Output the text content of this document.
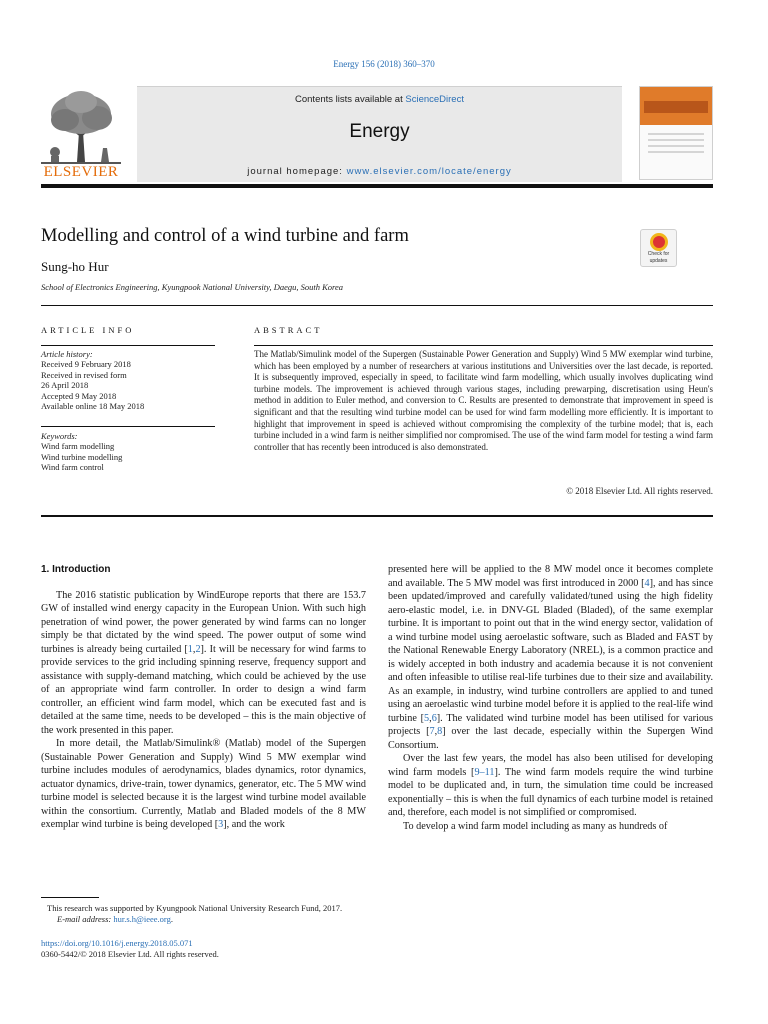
Energy 156 (2018) 360–370
ELSEVIER
Contents lists available at ScienceDirect
Energy
journal homepage: www.elsevier.com/locate/energy
Modelling and control of a wind turbine and farm
Check for
updates
Sung-ho Hur
School of Electronics Engineering, Kyungpook National University, Daegu, South Korea
ARTICLE INFO	ABSTRACT
Article history:
Received 9 February 2018
Received in revised form
26 April 2018
Accepted 9 May 2018
Available online 18 May 2018
Keywords:
Wind farm modelling
Wind turbine modelling
Wind farm control
The Matlab/Simulink model of the Supergen (Sustainable Power Generation and Supply) Wind 5 MW exemplar wind turbine, which has been employed by a number of researchers at various institutions and Universities over the last decade, is reported. It is subsequently improved, especially in speed, to facilitate wind farm modelling, which usually involves duplicating wind turbine models. The improvement is achieved through various stages, including prewarping, discretisation using Heun's method in addition to Euler method, and conversion to C. Results are presented to demonstrate that improvement in speed is significant and that the resulting wind turbine model can be used for wind farm modelling more efficiently. It is important to highlight that improvement in speed is achieved without compromising the complexity of the turbine model; that is, each turbine included in a wind farm is neither simplified nor compromised. The use of the wind farm model for testing a wind farm controller that has recently been introduced is also demonstrated.
© 2018 Elsevier Ltd. All rights reserved.
1. Introduction

The 2016 statistic publication by WindEurope reports that there are 153.7 GW of installed wind energy capacity in the European Union. With such high penetration of wind power, the power generated by wind farms can no longer simply be that dictated by the wind speed. The power output of some wind turbines is already being curtailed [1,2]. It will be necessary for wind farms to provide services to the grid including spinning reserve, frequency support and assistance with supply-demand matching, which could be achieved by the use of an appropriate wind farm controller. In order to design a wind farm controller, an efficient wind farm model, which can be executed fast and is detailed at the same time, needs to be developed – this is the main objective of the work presented in this paper.

In more detail, the Matlab/Simulink® (Matlab) model of the Supergen (Sustainable Power Generation and Supply) Wind 5 MW exemplar wind turbine includes modules of aerodynamics, blades dynamics, rotor dynamics, actuator dynamics, drive-train, tower dynamics, generator, etc. The 5 MW wind turbine model is selected because it is the largest wind turbine model available within the consortium. Currently, Matlab and Bladed models of the 8 MW exemplar wind turbine is being developed [3], and the work

presented here will be applied to the 8 MW model once it becomes complete and available. The 5 MW model was first introduced in 2000 [4], and has since been updated/improved and carefully validated/tuned using the high fidelity aero-elastic model, i.e. in DNV-GL Bladed (Bladed), of the same exemplar turbine. It is important to point out that in the wind energy sector, validation of a wind turbine model using aeroelastic software, such as Bladed and FAST by the National Renewable Energy Laboratory (NREL), is a common practice and is widely accepted in both industry and academia because it is not convenient and often infeasible to utilise real-life turbines due to their size and availability. As an example, in industry, wind turbine controllers are applied to and tuned using an aeroelastic wind turbine model before it is applied to the real-life wind turbine [5,6]. The validated wind turbine model has been utilised for various projects [7,8] over the last decade, especially within the Supergen Wind Consortium.

Over the last few years, the model has also been utilised for developing wind farm models [9–11]. The wind farm models require the wind turbine model to be duplicated and, in turn, the simulation time could be increased exponentially – this is when the full dynamics of each turbine model is retained and, therefore, each model is not simplified or compromised.

To develop a wind farm model including as many as hundreds of

This research was supported by Kyungpook National University Research Fund, 2017.
E-mail address: hur.s.h@ieee.org.
https://doi.org/10.1016/j.energy.2018.05.071
0360-5442/© 2018 Elsevier Ltd. All rights reserved.
